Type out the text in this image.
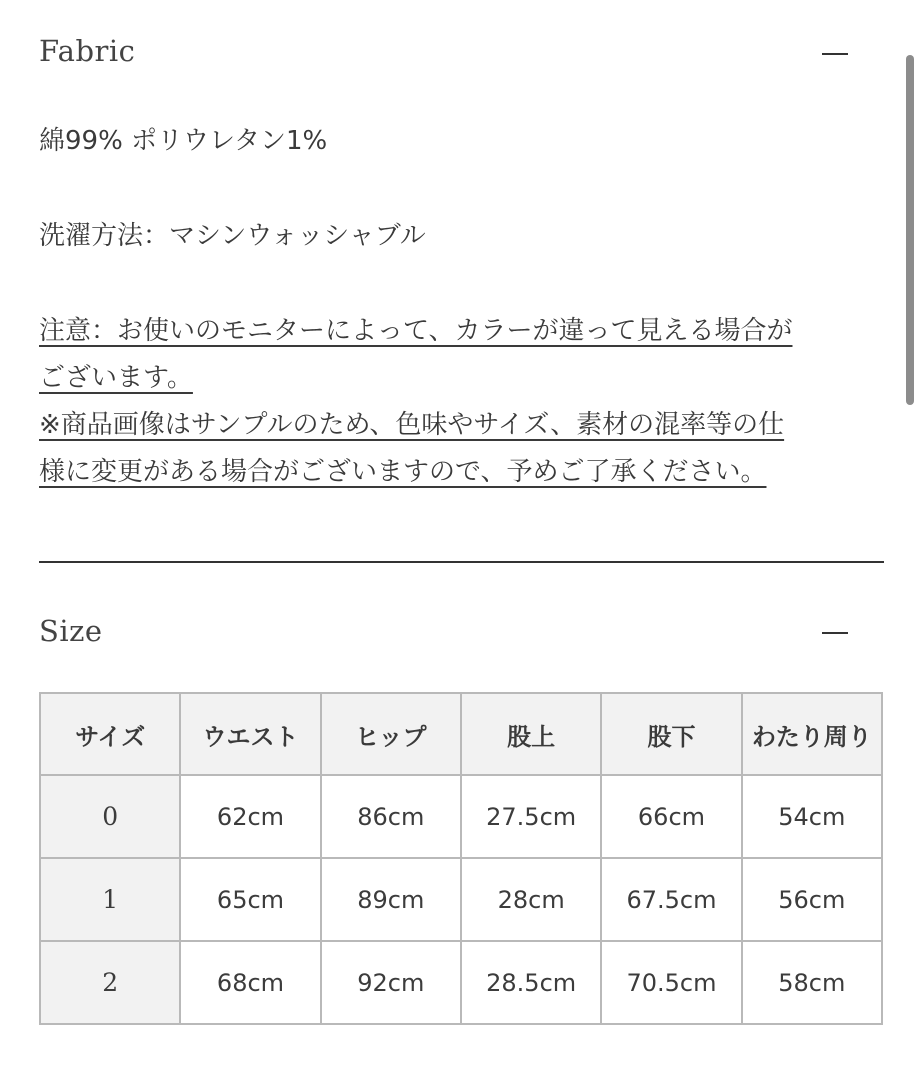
Fabric
綿99% ポリウレタン1%
洗濯方法：マシンウォッシャブル
注意：お使いのモニターによって、カラーが違って見える場合が
ございます。
※商品画像はサンプルのため、色味やサイズ、素材の混率等の仕
様に変更がある場合がございますので、予めご了承ください。
Size
サイズ	ウエスト	ヒップ	股上	股下	わたり周り
0	62cm	86cm	27.5cm	66cm	54cm
1	65cm	89cm	28cm	67.5cm	56cm
2	68cm	92cm	28.5cm	70.5cm	58cm
